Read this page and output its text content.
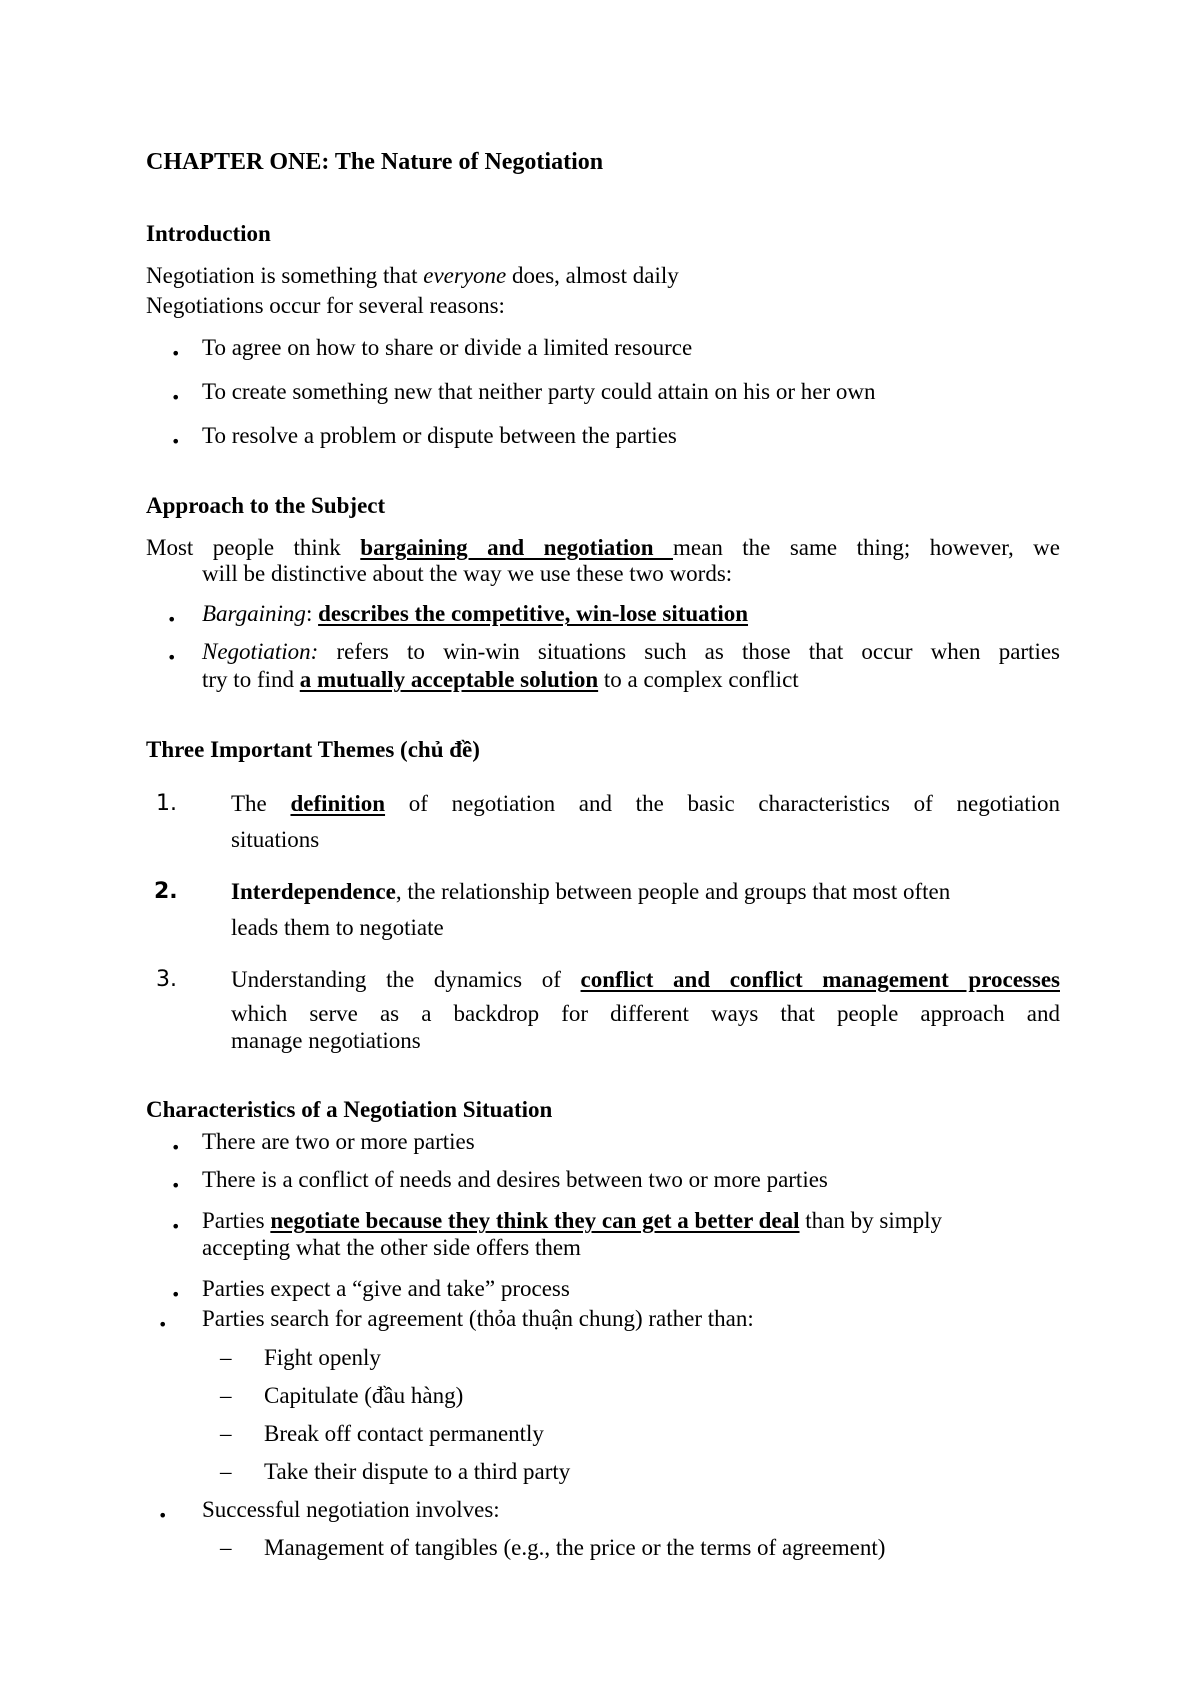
CHAPTER ONE: The Nature of Negotiation
Introduction
Negotiation is something that everyone does, almost daily
Negotiations occur for several reasons:
• To agree on how to share or divide a limited resource
• To create something new that neither party could attain on his or her own
• To resolve a problem or dispute between the parties
Approach to the Subject
Most people think bargaining and negotiation mean the same thing; however, we
will be distinctive about the way we use these two words:
• Bargaining: describes the competitive, win-lose situation
• Negotiation: refers to win-win situations such as those that occur when parties
try to find a mutually acceptable solution to a complex conflict
Three Important Themes (chủ đề)
1. The definition of negotiation and the basic characteristics of negotiation
situations
2. Interdependence, the relationship between people and groups that most often
leads them to negotiate
3. Understanding the dynamics of conflict and conflict management processes
which serve as a backdrop for different ways that people approach and
manage negotiations
Characteristics of a Negotiation Situation
• There are two or more parties
• There is a conflict of needs and desires between two or more parties
• Parties negotiate because they think they can get a better deal than by simply
accepting what the other side offers them
• Parties expect a “give and take” process
• Parties search for agreement (thỏa thuận chung) rather than:
– Fight openly
– Capitulate (đầu hàng)
– Break off contact permanently
– Take their dispute to a third party
• Successful negotiation involves:
– Management of tangibles (e.g., the price or the terms of agreement)
